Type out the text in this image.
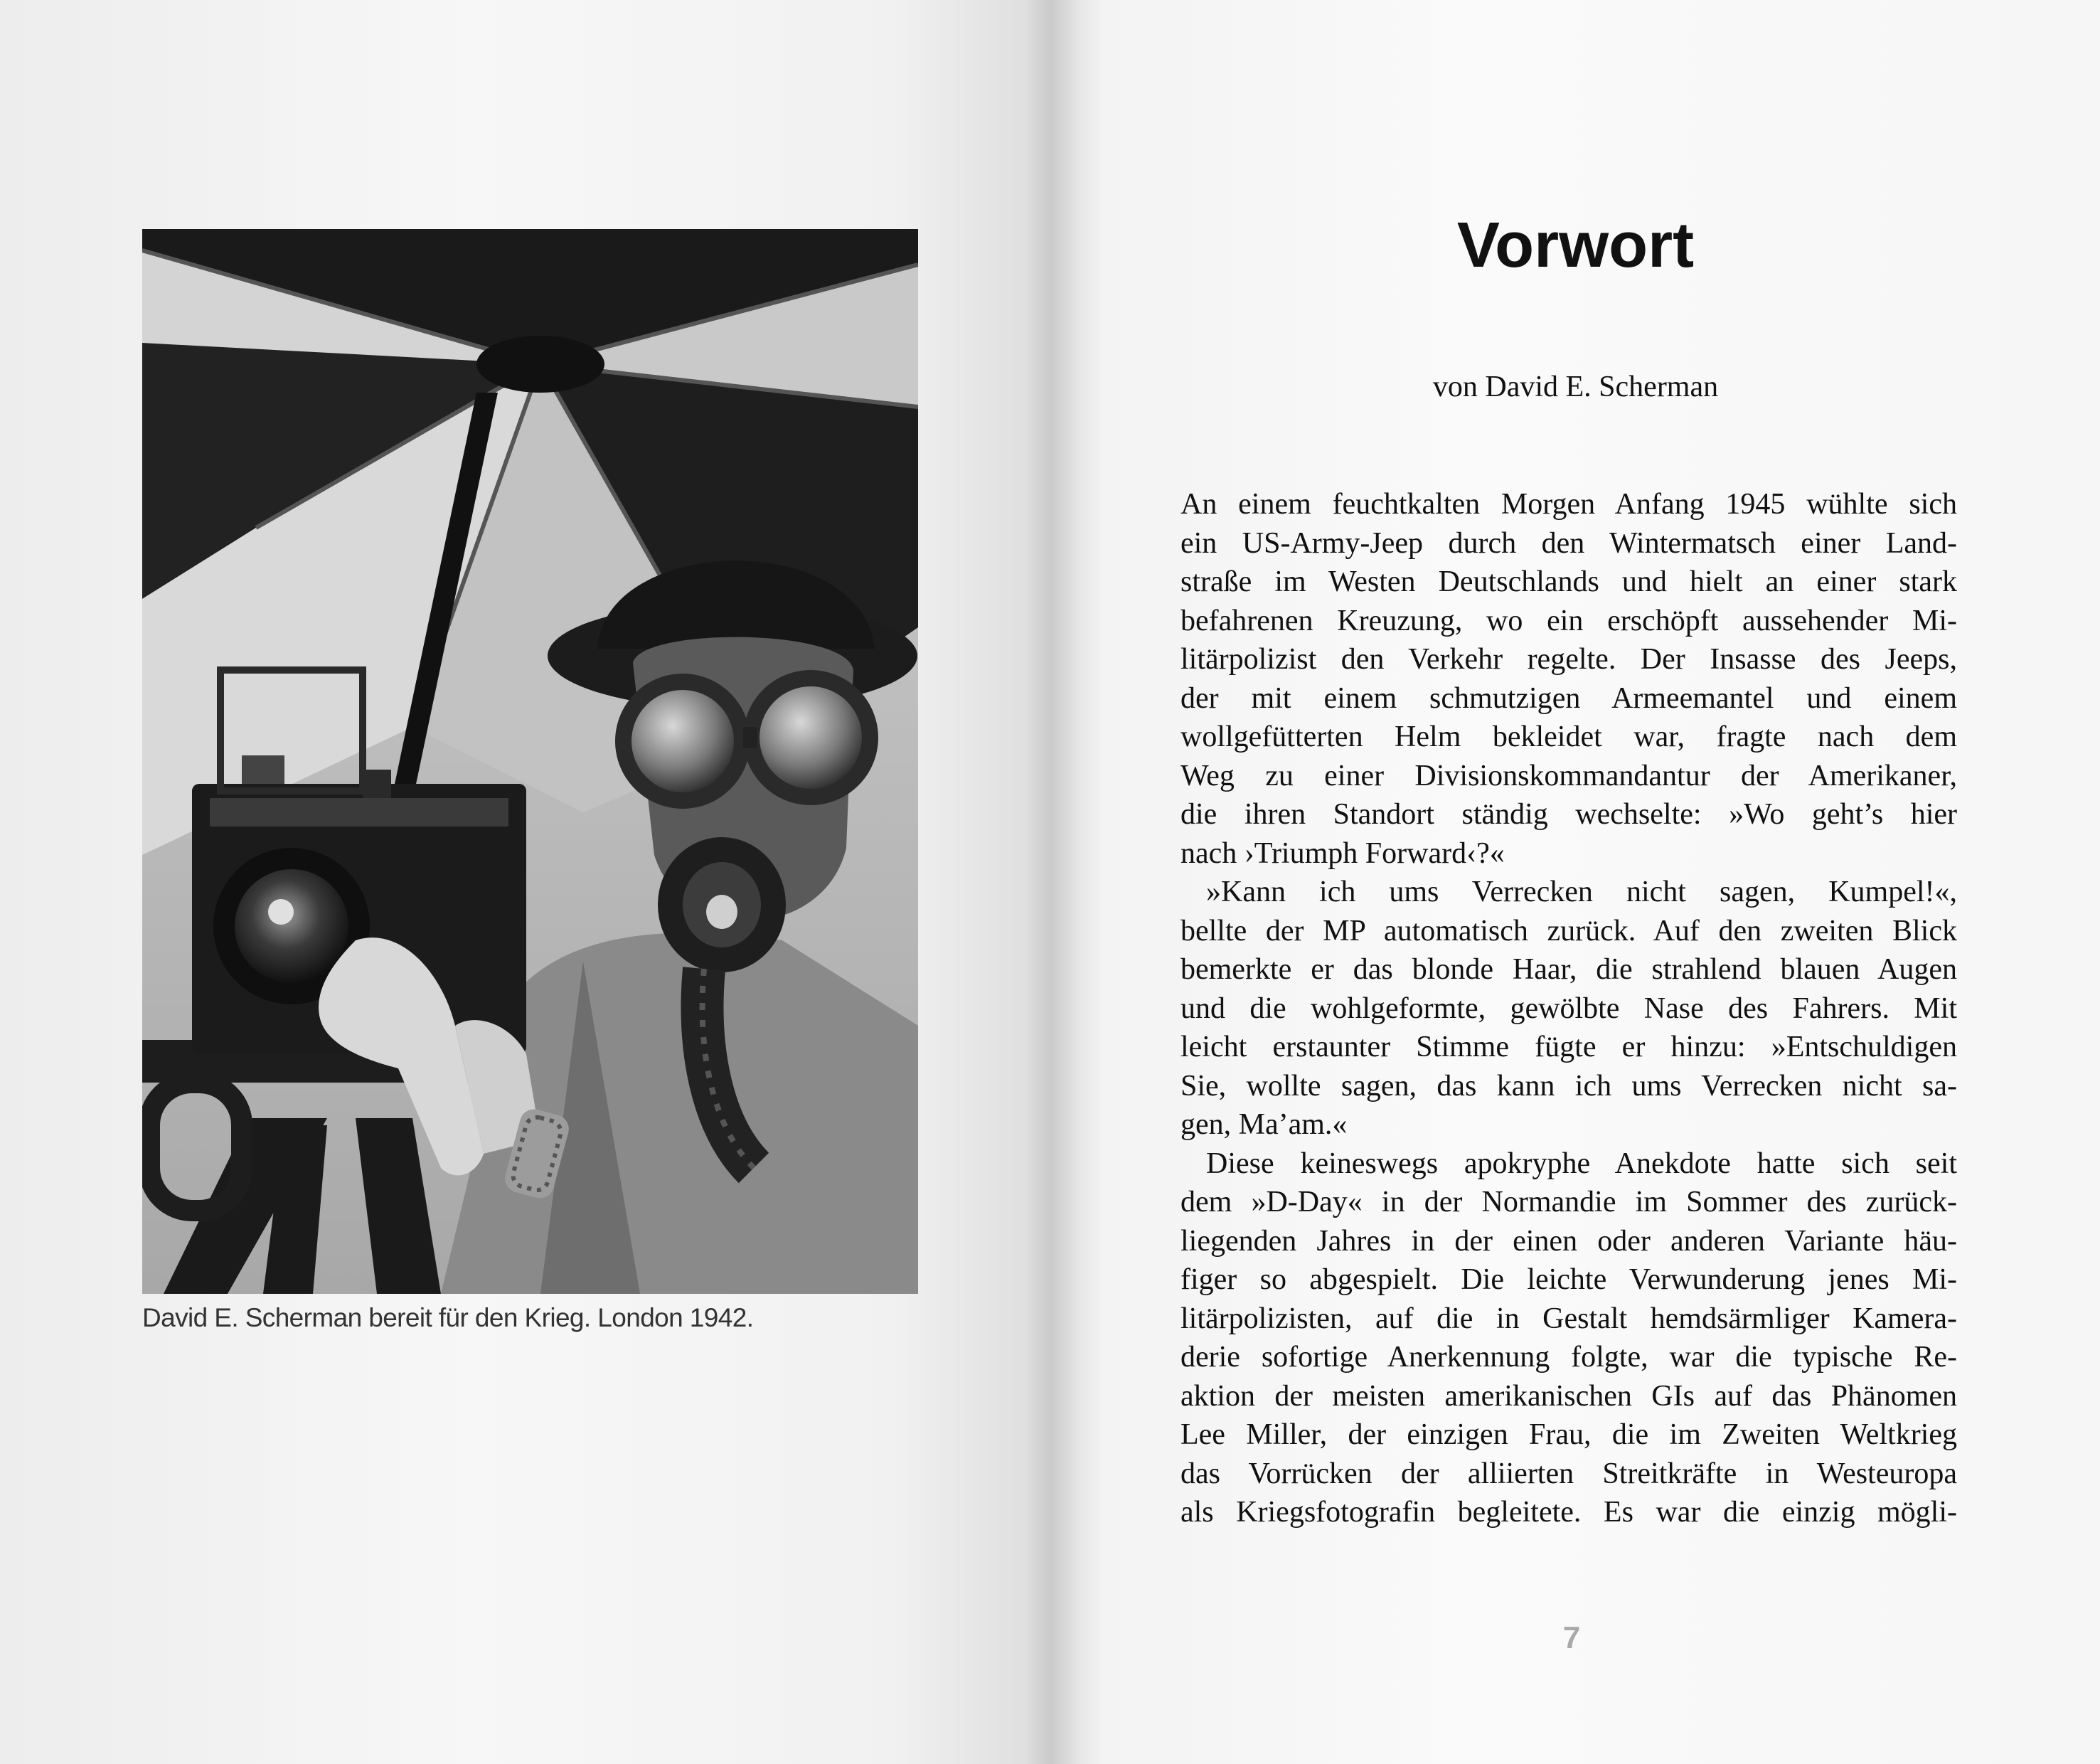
David E. Scherman bereit für den Krieg. London 1942.
Vorwort
von David E. Scherman
An einem feuchtkalten Morgen Anfang 1945 wühlte sich
ein US-Army-Jeep durch den Wintermatsch einer Land-
straße im Westen Deutschlands und hielt an einer stark
befahrenen Kreuzung, wo ein erschöpft aussehender Mi-
litärpolizist den Verkehr regelte. Der Insasse des Jeeps,
der mit einem schmutzigen Armeemantel und einem
wollgefütterten Helm bekleidet war, fragte nach dem
Weg zu einer Divisionskommandantur der Amerikaner,
die ihren Standort ständig wechselte: »Wo geht’s hier
nach ›Triumph Forward‹?«
»Kann ich ums Verrecken nicht sagen, Kumpel!«,
bellte der MP automatisch zurück. Auf den zweiten Blick
bemerkte er das blonde Haar, die strahlend blauen Augen
und die wohlgeformte, gewölbte Nase des Fahrers. Mit
leicht erstaunter Stimme fügte er hinzu: »Entschuldigen
Sie, wollte sagen, das kann ich ums Verrecken nicht sa-
gen, Ma’am.«
Diese keineswegs apokryphe Anekdote hatte sich seit
dem »D-Day« in der Normandie im Sommer des zurück-
liegenden Jahres in der einen oder anderen Variante häu-
figer so abgespielt. Die leichte Verwunderung jenes Mi-
litärpolizisten, auf die in Gestalt hemdsärmliger Kamera-
derie sofortige Anerkennung folgte, war die typische Re-
aktion der meisten amerikanischen GIs auf das Phänomen
Lee Miller, der einzigen Frau, die im Zweiten Weltkrieg
das Vorrücken der alliierten Streitkräfte in Westeuropa
als Kriegsfotografin begleitete. Es war die einzig mögli-
7
